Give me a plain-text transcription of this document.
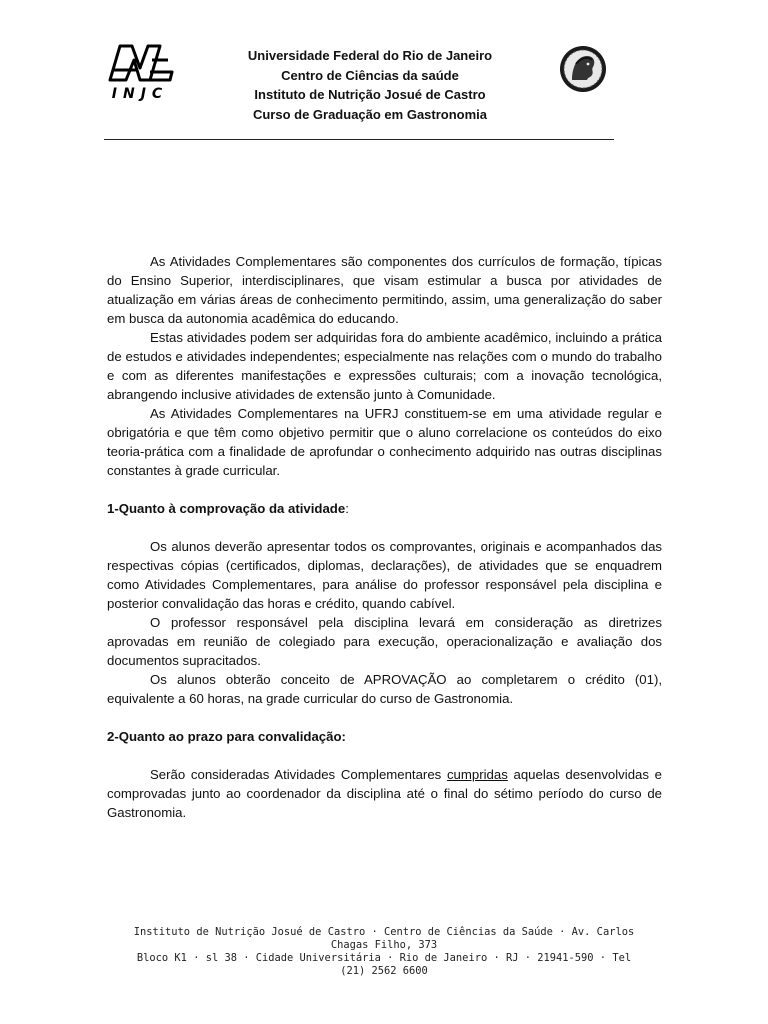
INJC
Universidade Federal do Rio de Janeiro
Centro de Ciências da saúde
Instituto de Nutrição Josué de Castro
Curso de Graduação em Gastronomia

As Atividades Complementares são componentes dos currículos de formação, típicas do Ensino Superior, interdisciplinares, que visam estimular a busca por atividades de atualização em várias áreas de conhecimento permitindo, assim, uma generalização do saber em busca da autonomia acadêmica do educando.

Estas atividades podem ser adquiridas fora do ambiente acadêmico, incluindo a prática de estudos e atividades independentes; especialmente nas relações com o mundo do trabalho e com as diferentes manifestações e expressões culturais; com a inovação tecnológica, abrangendo inclusive atividades de extensão junto à Comunidade.

As Atividades Complementares na UFRJ constituem-se em uma atividade regular e obrigatória e que têm como objetivo permitir que o aluno correlacione os conteúdos do eixo teoria-prática com a finalidade de aprofundar o conhecimento adquirido nas outras disciplinas constantes à grade curricular.

1-Quanto à comprovação da atividade:

Os alunos deverão apresentar todos os comprovantes, originais e acompanhados das respectivas cópias (certificados, diplomas, declarações), de atividades que se enquadrem como Atividades Complementares, para análise do professor responsável pela disciplina e posterior convalidação das horas e crédito, quando cabível.

O professor responsável pela disciplina levará em consideração as diretrizes aprovadas em reunião de colegiado para execução, operacionalização e avaliação dos documentos supracitados.

Os alunos obterão conceito de APROVAÇÃO ao completarem o crédito (01), equivalente a 60 horas, na grade curricular do curso de Gastronomia.

2-Quanto ao prazo para convalidação:

Serão consideradas Atividades Complementares cumpridas aquelas desenvolvidas e comprovadas junto ao coordenador da disciplina até o final do sétimo período do curso de Gastronomia.

Instituto de Nutrição Josué de Castro · Centro de Ciências da Saúde · Av. Carlos
Chagas Filho, 373
Bloco K1 · sl 38 · Cidade Universitária · Rio de Janeiro · RJ · 21941-590 · Tel
(21) 2562 6600
